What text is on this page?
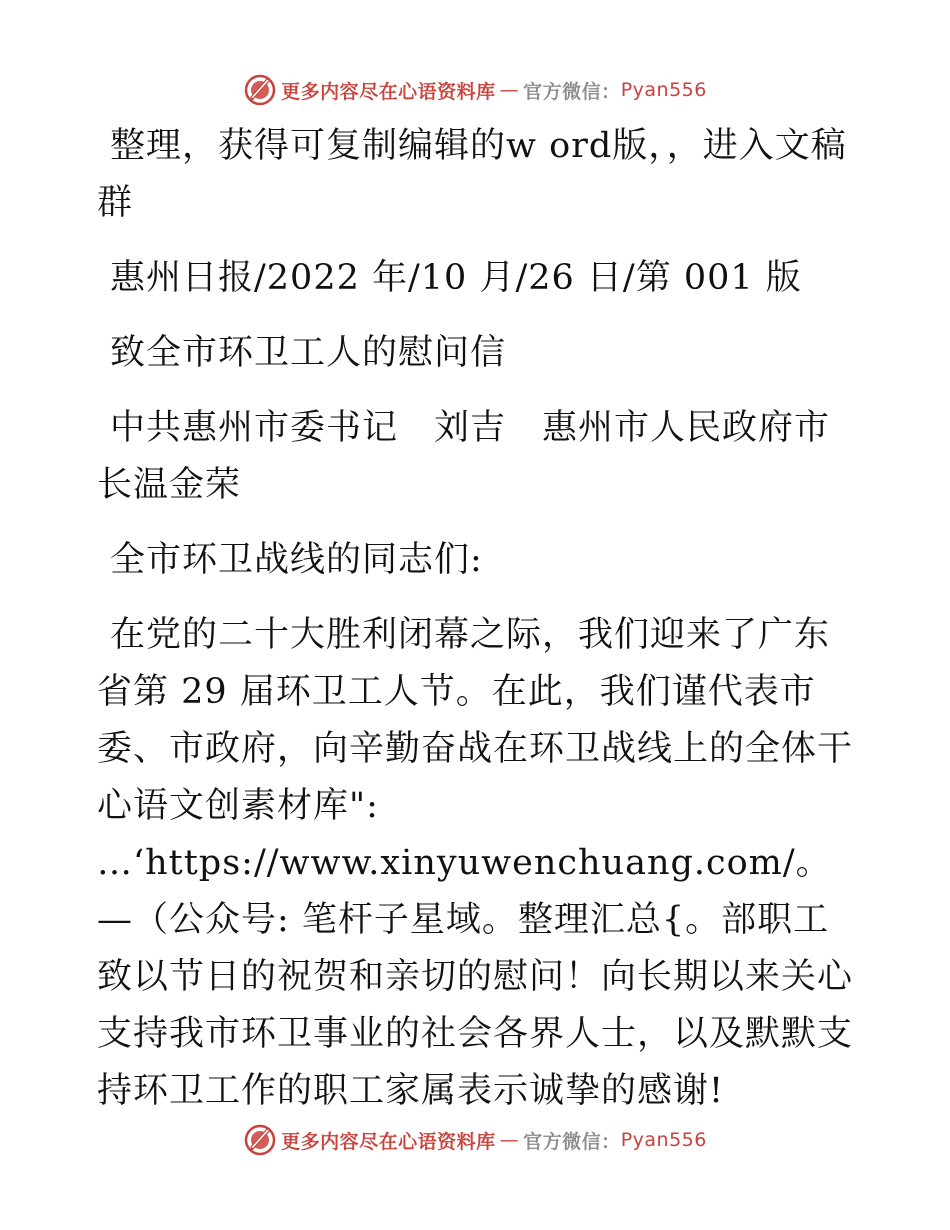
更多内容尽在心语资料库 — 官方微信： Pyan556

整理，获得可复制编辑的w ord版，，进入文稿群

惠州日报/2022 年/10 月/26 日/第 001 版

致全市环卫工人的慰问信

中共惠州市委书记　刘吉　惠州市人民政府市长温金荣

全市环卫战线的同志们:

在党的二十大胜利闭幕之际，我们迎来了广东省第 29 届环卫工人节。在此，我们谨代表市委、市政府，向辛勤奋战在环卫战线上的全体干心语文创素材库": …‘https://www.xinyuwenchuang.com/。—（公众号: 笔杆子星域。整理汇总{。部职工致以节日的祝贺和亲切的慰问！向长期以来关心支持我市环卫事业的社会各界人士，以及默默支持环卫工作的职工家属表示诚挚的感谢!

更多内容尽在心语资料库 — 官方微信： Pyan556
